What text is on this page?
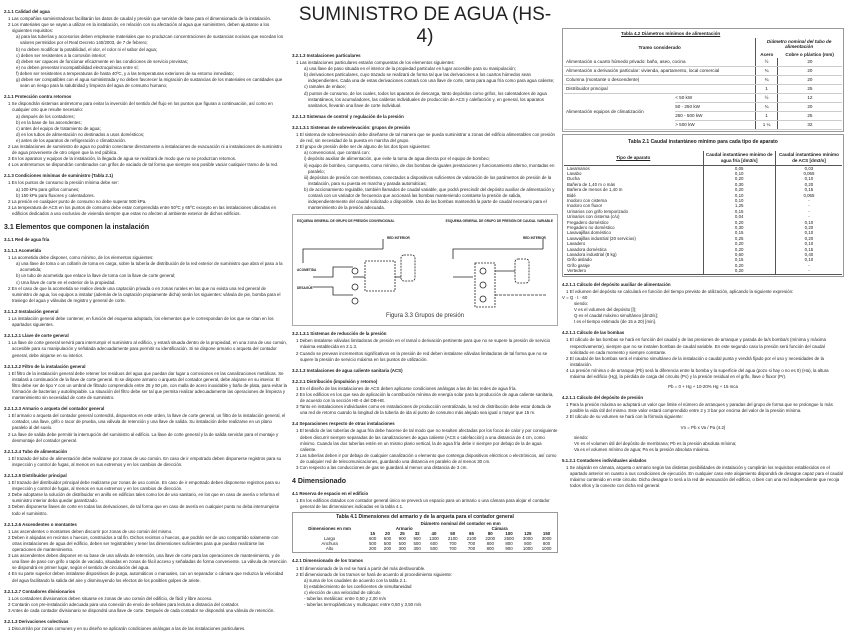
2.1.1 Calidad del agua
1 Las compañías suministradoras facilitarán los datos de caudal y presión que servirán de base para el dimensionado de la instalación.
2 Los materiales que se vayan a utilizar en la instalación, en relación con su afectación al agua que suministren, deben ajustarse a los siguientes requisitos:
a) para las tuberías y accesorios deben emplearse materiales que no produzcan concentraciones de sustancias nocivas que excedan los valores permitidos por el Real Decreto 140/2003, de 7 de febrero;
b) no deben modificar la potabilidad, el olor, el color ni el sabor del agua;
c) deben ser resistentes a la corrosión interior;
d) deben ser capaces de funcionar eficazmente en las condiciones de servicio previstas;
e) no deben presentar incompatibilidad electroquímica entre sí;
f) deben ser resistentes a temperaturas de hasta 40ºC, y a las temperaturas exteriores de su entorno inmediato;
g) deben ser compatibles con el agua suministrada y no deben favorecer la migración de sustancias de los materiales en cantidades que sean un riesgo para la salubridad y limpieza del agua de consumo humano;
2.1.1 Protección contra retornos
1 Se dispondrán sistemas antirretorno para evitar la inversión del sentido del flujo en los puntos que figuran a continuación, así como en cualquier otro que resulte necesario:
a) después de los contadores;
b) en la base de los ascendentes;
c) antes del equipo de tratamiento de agua;
d) en los tubos de alimentación no destinados a usos domésticos;
e) antes de los aparatos de refrigeración o climatización.
2 Las instalaciones de suministro de agua no podrán conectarse directamente a instalaciones de evacuación ni a instalaciones de suministro de agua proveniente de otro origen que la red pública.
3 En los aparatos y equipos de la instalación, la llegada de agua se realizará de modo que no se produzcan retornos.
4 Los antirretornos se dispondrán combinados con grifos de vaciado de tal forma que siempre sea posible vaciar cualquier tramo de la red.
2.1.3 Condiciones mínimas de suministro (Tabla 2.1)
1 En los puntos de consumo la presión mínima debe ser:
a) 100 kPa para grifos comunes;
b) 150 kPa para fluxores y calentadores.
2 La presión en cualquier punto de consumo no debe superar 500 kPa.
3 La temperatura de ACS en los puntos de consumo debe estar comprendida entre 50ºC y 65ºC excepto en las instalaciones ubicadas en edificios dedicados a uso exclusivo de vivienda siempre que estas no afecten al ambiente exterior de dichos edificios.
3.1 Elementos que componen la instalación
3.1.1 Red de agua fría
3.1.1.1 Acometida
1 La acometida debe disponer, como mínimo, de los elementos siguientes:
a) una llave de toma o un collarín de toma en carga, sobre la tubería de distribución de la red exterior de suministro que abra el paso a la acometida;
b) un tubo de acometida que enlace la llave de toma con la llave de corte general;
c) Una llave de corte en el exterior de la propiedad.
2 En el caso de que la acometida se realice desde una captación privada o en zonas rurales en las que no exista una red general de suministro de agua, los equipos a instalar (además de la captación propiamente dicha) serán los siguientes: válvula de pie, bomba para el trasiego del agua y válvulas de registro y general de corte.
3.1.1.2 Instalación general
1 La instalación general debe contener, en función del esquema adoptado, los elementos que le correspondan de los que se citan en los apartados siguientes.
3.2.1.2.1 Llave de corte general
1 La llave de corte general servirá para interrumpir el suministro al edificio, y estará situada dentro de la propiedad, en una zona de uso común, accesible para su manipulación y señalada adecuadamente para permitir su identificación. Si se dispone armario o arqueta del contador general, debe alojarse en su interior.
3.2.1.2.2 Filtro de la instalación general
1 El filtro de la instalación general debe retener los residuos del agua que puedan dar lugar a corrosiones en las canalizaciones metálicas. Se instalará a continuación de la llave de corte general. Si se dispone armario o arqueta del contador general, debe alojarse en su interior. El filtro debe ser de tipo Y con un umbral de filtrado comprendido entre 25 y 50 μm, con malla de acero inoxidable y baño de plata, para evitar la formación de bacterias y autolimpiable. La situación del filtro debe ser tal que permita realizar adecuadamente las operaciones de limpieza y mantenimiento sin necesidad de corte de suministro.
3.2.1.2.3 Armario o arqueta del contador general
1 El armario o arqueta del contador general contendrá, dispuestos en este orden, la llave de corte general, un filtro de la instalación general, el contador, una llave, grifo o racor de prueba, una válvula de retención y una llave de salida. Su instalación debe realizarse en un plano paralelo al del suelo.
2 La llave de salida debe permitir la interrupción del suministro al edificio. La llave de corte general y la de salida servirán para el montaje y desmontaje del contador general.
3.2.1.2.4 Tubo de alimentación
1 El trazado del tubo de alimentación debe realizarse por zonas de uso común. En caso de ir empotrado deben disponerse registros para su inspección y control de fugas, al menos en sus extremos y en los cambios de dirección.
3.2.1.2.5 Distribuidor principal
1 El trazado del distribuidor principal debe realizarse por zonas de uso común. En caso de ir empotrado deben disponerse registros para su inspección y control de fugas, al menos en sus extremos y en los cambios de dirección.
2 Debe adoptarse la solución de distribuidor en anillo en edificios tales como los de uso sanitario, en los que en caso de avería o reforma el suministro interior deba quedar garantizado.
3 Deben disponerse llaves de corte en todas las derivaciones, de tal forma que en caso de avería en cualquier punto no deba interrumpirse todo el suministro.
3.2.1.2.6 Ascendentes o montantes
1 Las ascendentes o montantes deben discurrir por zonas de uso común del mismo.
2 Deben ir alojadas en recintos o huecos, construidos a tal fin. Dichos recintos o huecos, que podrán ser de uso compartido solamente con otras instalaciones de agua del edificio, deben ser registrables y tener las dimensiones suficientes para que puedan realizarse las operaciones de mantenimiento.
3 Las ascendentes deben disponer en su base de una válvula de retención, una llave de corte para las operaciones de mantenimiento, y de una llave de paso con grifo o tapón de vaciado, situadas en zonas de fácil acceso y señaladas de forma conveniente. La válvula de retención se dispondrá en primer lugar, según el sentido de circulación del agua.
4 En su parte superior deben instalarse dispositivos de purga, automáticos o manuales, con un separador o cámara que reduzca la velocidad del agua facilitando la salida del aire y disminuyendo los efectos de los posibles golpes de ariete.
3.2.1.2.7 Contadores divisionarios
1 Los contadores divisionarios deben situarse en zonas de uso común del edificio, de fácil y libre acceso.
2 Contarán con pre-instalación adecuada para una conexión de envío de señales para lectura a distancia del contador.
3 Antes de cada contador divisionario se dispondrá una llave de corte. Después de cada contador se dispondrá una válvula de retención.
3.2.1.3 Derivaciones colectivas
1 Discurrirán por zonas comunes y en su diseño se aplicarán condiciones análogas a las de las instalaciones particulares.
SUMINISTRO DE AGUA (HS-4)
3.2.1.3 Instalaciones particulares
1 Las instalaciones particulares estarán compuestas de los elementos siguientes:
a) una llave de paso situada en el interior de la propiedad particular en lugar accesible para su manipulación;
b) derivaciones particulares, cuyo trazado se realizará de forma tal que las derivaciones a los cuartos húmedos sean independientes. Cada una de estas derivaciones contará con una llave de corte, tanto para agua fría como para agua caliente;
c) ramales de enlace;
d) puntos de consumo, de los cuales, todos los aparatos de descarga, tanto depósitos como grifos, los calentadores de agua instantáneos, los acumuladores, las calderas individuales de producción de ACS y calefacción y, en general, los aparatos sanitarios, llevarán una llave de corte individual.
3.2.1.3 Sistemas de control y regulación de la presión
3.2.1.3.1 Sistemas de sobreelevación: grupos de presión
1 El sistema de sobreelevación debe diseñarse de tal manera que se pueda suministrar a zonas del edificio alimentables con presión de red, sin necesidad de la puesta en marcha del grupo.
2 El grupo de presión debe ser de alguno de los dos tipos siguientes:
a) convencional, que contará con:
i) depósito auxiliar de alimentación, que evite la toma de agua directa por el equipo de bombeo;
ii) equipo de bombeo, compuesto, como mínimo, de dos bombas de iguales prestaciones y funcionamiento alterno, montadas en paralelo;
iii) depósitos de presión con membrana, conectados a dispositivos suficientes de valoración de los parámetros de presión de la instalación, para su puesta en marcha y parada automáticas;
b) de accionamiento regulable, también llamados de caudal variable, que podrá prescindir del depósito auxiliar de alimentación y contará con un variador de frecuencia que accionará las bombas manteniendo constante la presión de salida, independientemente del caudal solicitado o disponible. Una de las bombas mantendrá la parte de caudal necesario para el mantenimiento de la presión adecuada.
ESQUEMA GENERAL DE GRUPO DE PRESIÓN CONVENCIONAL	ESQUEMA GENERAL DE GRUPO DE PRESIÓN DE CAUDAL VARIABLE
RED INTERIOR	RED INTERIOR
ACOMETIDA
DESAGÜE
Figura 3.3 Grupos de presión
3.2.1.3.1 Sistemas de reducción de la presión
1 Deben instalarse válvulas limitadoras de presión en el ramal o derivación pertinente para que no se supere la presión de servicio máxima establecida en 2.1.3.
2 Cuando se prevean incrementos significativos en la presión de red deben instalarse válvulas limitadoras de tal forma que no se supere la presión de servicio máxima en los puntos de utilización.
3.2.1.3 Instalaciones de agua caliente sanitaria (ACS)
3.2.2.1 Distribución (impulsión y retorno)
1 En el diseño de las instalaciones de ACS deben aplicarse condiciones análogas a las de las redes de agua fría.
2 En los edificios en los que sea de aplicación la contribución mínima de energía solar para la producción de agua caliente sanitaria, de acuerdo con la sección HE-4 del DB-HE.
3 Tanto en instalaciones individuales como en instalaciones de producción centralizada, la red de distribución debe estar dotada de una red de retorno cuando la longitud de la tubería de ida al punto de consumo más alejado sea igual o mayor que 15 m.
3.4 Separaciones respecto de otras instalaciones
1 El tendido de las tuberías de agua fría debe hacerse de tal modo que no resulten afectadas por los focos de calor y por consiguiente deben discurrir siempre separadas de las canalizaciones de agua caliente (ACS o calefacción) a una distancia de 4 cm, como mínimo. Cuando las dos tuberías estén en un mismo plano vertical, la de agua fría debe ir siempre por debajo de la de agua caliente.
2 Las tuberías deben ir por debajo de cualquier canalización o elemento que contenga dispositivos eléctricos o electrónicos, así como de cualquier red de telecomunicaciones, guardando una distancia en paralelo de al menos 30 cm.
3 Con respecto a las conducciones de gas se guardará al menos una distancia de 3 cm.
4 Dimensionado
4.1 Reserva de espacio en el edificio
1 En los edificios dotados con contador general único se preverá un espacio para un armario o una cámara para alojar el contador general de las dimensiones indicadas en la tabla 4.1.
Tabla 4.1 Dimensiones del armario y de la arqueta para el contador general
Dimensiones en mm	Diámetro nominal del contador en mm										
	Armario					Cámara					
	15	20	25	32	40	50	65	80	100	125	150
Largo	600	600	900	900	1300	2100	2100	2200	2500	3000	3000
Anchura	500	500	500	500	600	700	700	800	800	800	800
Alto	200	200	300	300	500	700	700	800	900	1000	1000
4.2.1 Dimensionado de los tramos
1 El dimensionado de la red se hará a partir del más desfavorable.
2 El dimensionado de los tramos se hará de acuerdo al procedimiento siguiente:
a) suma de los caudales de acuerdo con la tabla 2.1.
b) establecimiento de los coeficientes de simultaneidad
c) elección de una velocidad de cálculo
- tuberías metálicas: entre 0,50 y 2,00 m/s
- tuberías termoplásticas y multicapas: entre 0,50 y 3,50 m/s
Tabla 4.2 Diámetros mínimos de alimentación			
Tramo considerado		Diámetro nominal del tubo de alimentación	
		Acero	Cobre o plástico (mm)
Alimentación a cuarto húmedo privado: baño, aseo, cocina		½	20
Alimentación a derivación particular: vivienda, apartamento, local comercial		¾	20
Columna (montante o descendente)		¾	20
Distribuidor principal		1	25
Alimentación equipos de climatización	< 50 kW	½	12
	50 - 250 kW	¾	20
	250 - 500 kW	1	25
	> 500 kW	1 ¼	32
Tabla 2.1 Caudal instantáneo mínimo para cada tipo de aparato
Tipo de aparato	Caudal instantáneo mínimo de agua fría [dm3/s]	Caudal instantáneo mínimo de ACS [dm3/s]
Lavamanos	0,05	0,03
Lavabo	0,10	0,065
Ducha	0,20	0,10
Bañera de 1,40 m o más	0,30	0,20
Bañera de menos de 1,40 m	0,20	0,15
Bidé	0,10	0,065
Inodoro con cisterna	0,10	-
Inodoro con fluxor	1,25	-
Urinarios con grifo temporizado	0,15	-
Urinarios con cisterna (c/u)	0,04	-
Fregadero doméstico	0,20	0,10
Fregadero no doméstico	0,30	0,20
Lavavajillas doméstico	0,15	0,10
Lavavajillas industrial (20 servicios)	0,25	0,20
Lavadero	0,20	0,10
Lavadora doméstica	0,20	0,15
Lavadora industrial (8 kg)	0,60	0,40
Grifo aislado	0,15	0,10
Grifo garaje	0,20	-
Vertedero	0,20	-
4.2.1.1 Cálculo del depósito auxiliar de alimentación
1 El volumen del depósito se calculará en función del tiempo previsto de utilización, aplicando la siguiente expresión:
V = Q · t · 60
siendo:
V es el volumen del depósito [l];
Q es el caudal máximo simultáneo [dm3/s];
t es el tiempo estimado (de 15 a 20) [min].
4.2.1.1 Cálculo de las bombas
1 El cálculo de las bombas se hará en función del caudal y de las presiones de arranque y parada de la/s bomba/s (mínima y máxima respectivamente), siempre que no se instalen bombas de caudal variable. En este segundo caso la presión será función del caudal solicitado en cada momento y siempre constante.
2 El caudal de las bombas será el máximo simultáneo de la instalación o caudal punta y vendrá fijado por el uso y necesidades de la instalación.
4 La presión mínima o de arranque (Pb) será la diferencia entre la bomba y la superficie del agua (pozo si hay o no es 0) (Ha), la altura máxima del edificio (Hg), la pérdida de carga del circuito (Pc) y la presión residual en el grifo, llave o fluxor (Pr).
Pb = 0 + Hg + 10-20% Hg + 15 mca
4.2.1.1 Cálculo del depósito de presión
1 Para la presión máxima se adoptará un valor que limite el número de arranques y paradas del grupo de forma que se prolongue lo más posible la vida útil del mismo. Este valor estará comprendido entre 2 y 3 bar por encima del valor de la presión mínima.
2 El cálculo de su volumen se hará con la fórmula siguiente:
Vn = Pb x Va / Pa (4.2)
siendo:
Vn es el volumen útil del depósito de membrana; Pb es la presión absoluta mínima;
Va es el volumen mínimo de agua; Pa es la presión absoluta máxima.
5.1.2.1 Contadores individuales aislados
1 Se alojarán en cámara, arqueta o armario según las distintas posibilidades de instalación y cumplirán los requisitos establecidos en el apartado anterior en cuanto a sus condiciones de ejecución. En cualquier caso este alojamiento dispondrá de desagüe capaz para el caudal máximo contenido en este circuito. Dicho desagüe lo será a la red de evacuación del edificio, o bien con una red independiente que recoja todos ellos y la conecte con dicha red general.
